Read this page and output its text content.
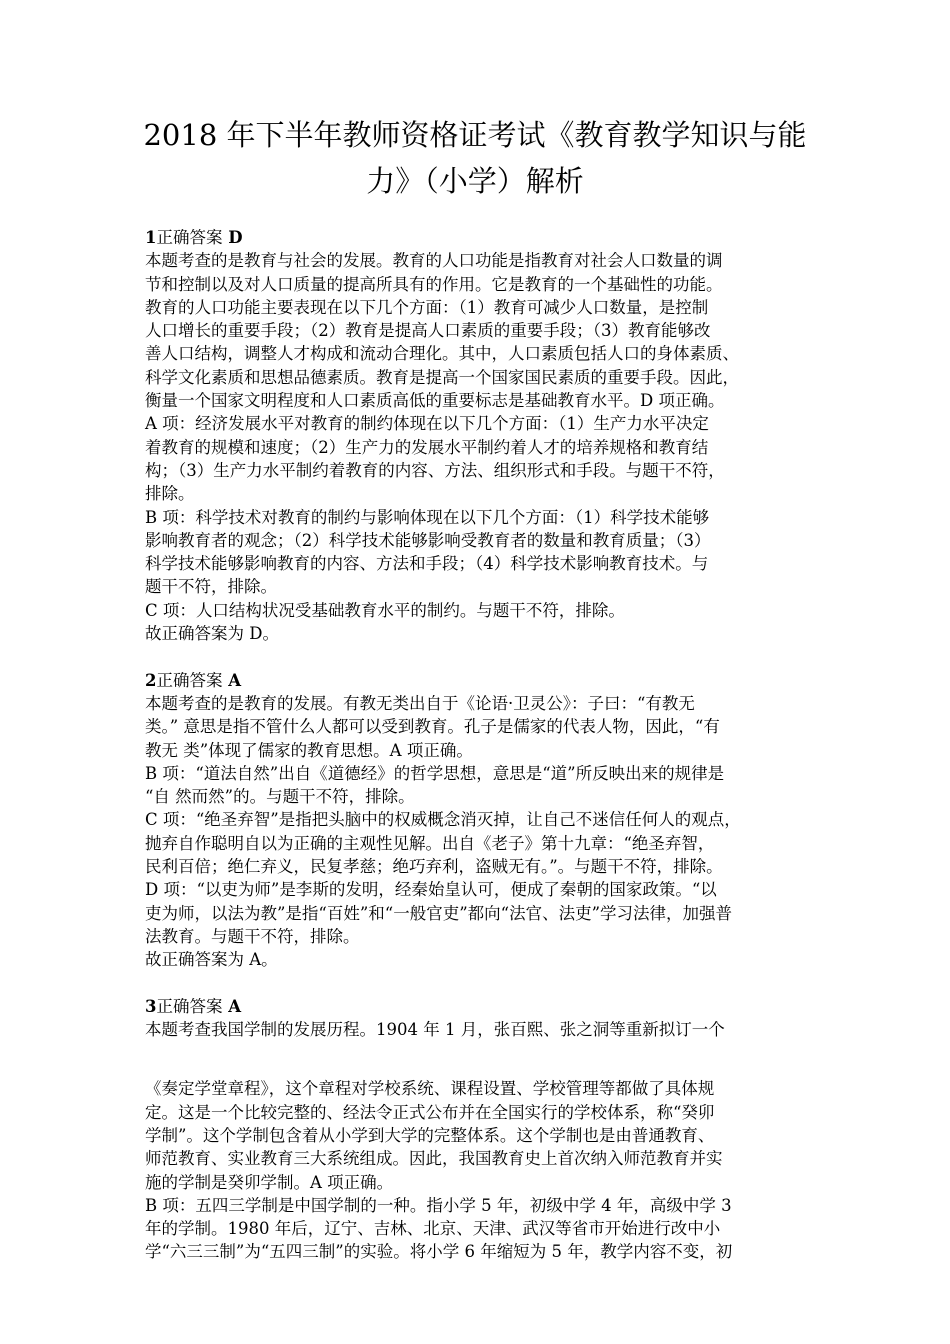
2018 年下半年教师资格证考试《教育教学知识与能
力》（小学）解析
1正确答案 D
本题考查的是教育与社会的发展。教育的人口功能是指教育对社会人口数量的调
节和控制以及对人口质量的提高所具有的作用。它是教育的一个基础性的功能。
教育的人口功能主要表现在以下几个方面：（1）教育可减少人口数量，是控制
人口增长的重要手段；（2）教育是提高人口素质的重要手段；（3）教育能够改
善人口结构，调整人才构成和流动合理化。其中，人口素质包括人口的身体素质、
科学文化素质和思想品德素质。教育是提高一个国家国民素质的重要手段。因此，
衡量一个国家文明程度和人口素质高低的重要标志是基础教育水平。D 项正确。
A 项：经济发展水平对教育的制约体现在以下几个方面：（1）生产力水平决定
着教育的规模和速度；（2）生产力的发展水平制约着人才的培养规格和教育结
构；（3）生产力水平制约着教育的内容、方法、组织形式和手段。与题干不符，
排除。
B 项：科学技术对教育的制约与影响体现在以下几个方面：（1）科学技术能够
影响教育者的观念；（2）科学技术能够影响受教育者的数量和教育质量；（3）
科学技术能够影响教育的内容、方法和手段；（4）科学技术影响教育技术。与
题干不符，排除。
C 项：人口结构状况受基础教育水平的制约。与题干不符，排除。
故正确答案为 D。
2正确答案 A
本题考查的是教育的发展。有教无类出自于《论语·卫灵公》：子曰：“有教无
类。” 意思是指不管什么人都可以受到教育。孔子是儒家的代表人物，因此，“有
教无 类”体现了儒家的教育思想。A 项正确。
B 项：“道法自然”出自《道德经》的哲学思想，意思是“道”所反映出来的规律是
“自 然而然”的。与题干不符，排除。
C 项：“绝圣弃智”是指把头脑中的权威概念消灭掉，让自己不迷信任何人的观点，
抛弃自作聪明自以为正确的主观性见解。出自《老子》第十九章：“绝圣弃智，
民利百倍；绝仁弃义，民复孝慈；绝巧弃利，盗贼无有。”。与题干不符，排除。
D 项：“以吏为师”是李斯的发明，经秦始皇认可，便成了秦朝的国家政策。“以
吏为师，以法为教”是指“百姓”和“一般官吏”都向“法官、法吏”学习法律，加强普
法教育。与题干不符，排除。
故正确答案为 A。
3正确答案 A
本题考查我国学制的发展历程。1904 年 1 月，张百熙、张之洞等重新拟订一个
《奏定学堂章程》，这个章程对学校系统、课程设置、学校管理等都做了具体规
定。这是一个比较完整的、经法令正式公布并在全国实行的学校体系，称“癸卯
学制”。这个学制包含着从小学到大学的完整体系。这个学制也是由普通教育、
师范教育、实业教育三大系统组成。因此，我国教育史上首次纳入师范教育并实
施的学制是癸卯学制。A 项正确。
B 项：五四三学制是中国学制的一种。指小学 5 年，初级中学 4 年，高级中学 3
年的学制。1980 年后，辽宁、吉林、北京、天津、武汉等省市开始进行改中小
学“六三三制”为“五四三制”的实验。将小学 6 年缩短为 5 年，教学内容不变，初
